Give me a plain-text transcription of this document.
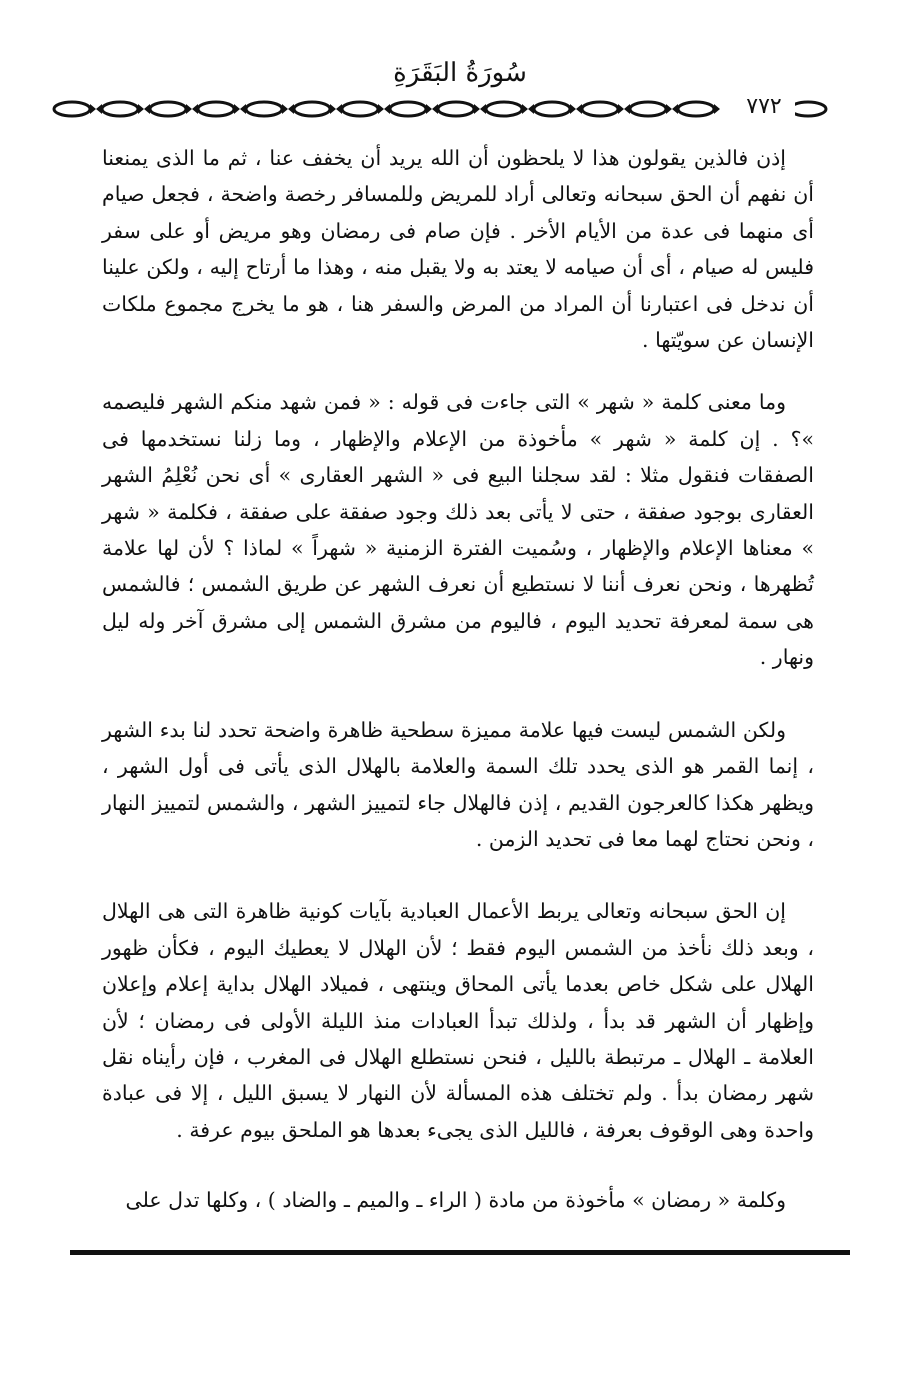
سُورَةُ البَقَرَةِ
٧٧٢

إذن فالذين يقولون هذا لا يلحظون أن الله يريد أن يخفف عنا ، ثم ما الذى يمنعنا أن نفهم أن الحق سبحانه وتعالى أراد للمريض وللمسافر رخصة واضحة ، فجعل صيام أى منهما فى عدة من الأيام الأخر . فإن صام فى رمضان وهو مريض أو على سفر فليس له صيام ، أى أن صيامه لا يعتد به ولا يقبل منه ، وهذا ما أرتاح إليه ، ولكن علينا أن ندخل فى اعتبارنا أن المراد من المرض والسفر هنا ، هو ما يخرج مجموع ملكات الإنسان عن سويّتها .

وما معنى كلمة « شهر » التى جاءت فى قوله : « فمن شهد منكم الشهر فليصمه »؟ . إن كلمة « شهر » مأخوذة من الإعلام والإظهار ، وما زلنا نستخدمها فى الصفقات فنقول مثلا : لقد سجلنا البيع فى « الشهر العقارى » أى نحن نُعْلِمُ الشهر العقارى بوجود صفقة ، حتى لا يأتى بعد ذلك وجود صفقة على صفقة ، فكلمة « شهر » معناها الإعلام والإظهار ، وسُميت الفترة الزمنية « شهراً » لماذا ؟ لأن لها علامة تُظهرها ، ونحن نعرف أننا لا نستطيع أن نعرف الشهر عن طريق الشمس ؛ فالشمس هى سمة لمعرفة تحديد اليوم ، فاليوم من مشرق الشمس إلى مشرق آخر وله ليل ونهار .

ولكن الشمس ليست فيها علامة مميزة سطحية ظاهرة واضحة تحدد لنا بدء الشهر ، إنما القمر هو الذى يحدد تلك السمة والعلامة بالهلال الذى يأتى فى أول الشهر ، ويظهر هكذا كالعرجون القديم ، إذن فالهلال جاء لتمييز الشهر ، والشمس لتمييز النهار ، ونحن نحتاج لهما معا فى تحديد الزمن .

إن الحق سبحانه وتعالى يربط الأعمال العبادية بآيات كونية ظاهرة التى هى الهلال ، وبعد ذلك نأخذ من الشمس اليوم فقط ؛ لأن الهلال لا يعطيك اليوم ، فكأن ظهور الهلال على شكل خاص بعدما يأتى المحاق وينتهى ، فميلاد الهلال بداية إعلام وإعلان وإظهار أن الشهر قد بدأ ، ولذلك تبدأ العبادات منذ الليلة الأولى فى رمضان ؛ لأن العلامة ـ الهلال ـ مرتبطة بالليل ، فنحن نستطلع الهلال فى المغرب ، فإن رأيناه نقل شهر رمضان بدأ . ولم تختلف هذه المسألة لأن النهار لا يسبق الليل ، إلا فى عبادة واحدة وهى الوقوف بعرفة ، فالليل الذى يجىء بعدها هو الملحق بيوم عرفة .

وكلمة « رمضان » مأخوذة من مادة ( الراء ـ والميم ـ والضاد ) ، وكلها تدل على
